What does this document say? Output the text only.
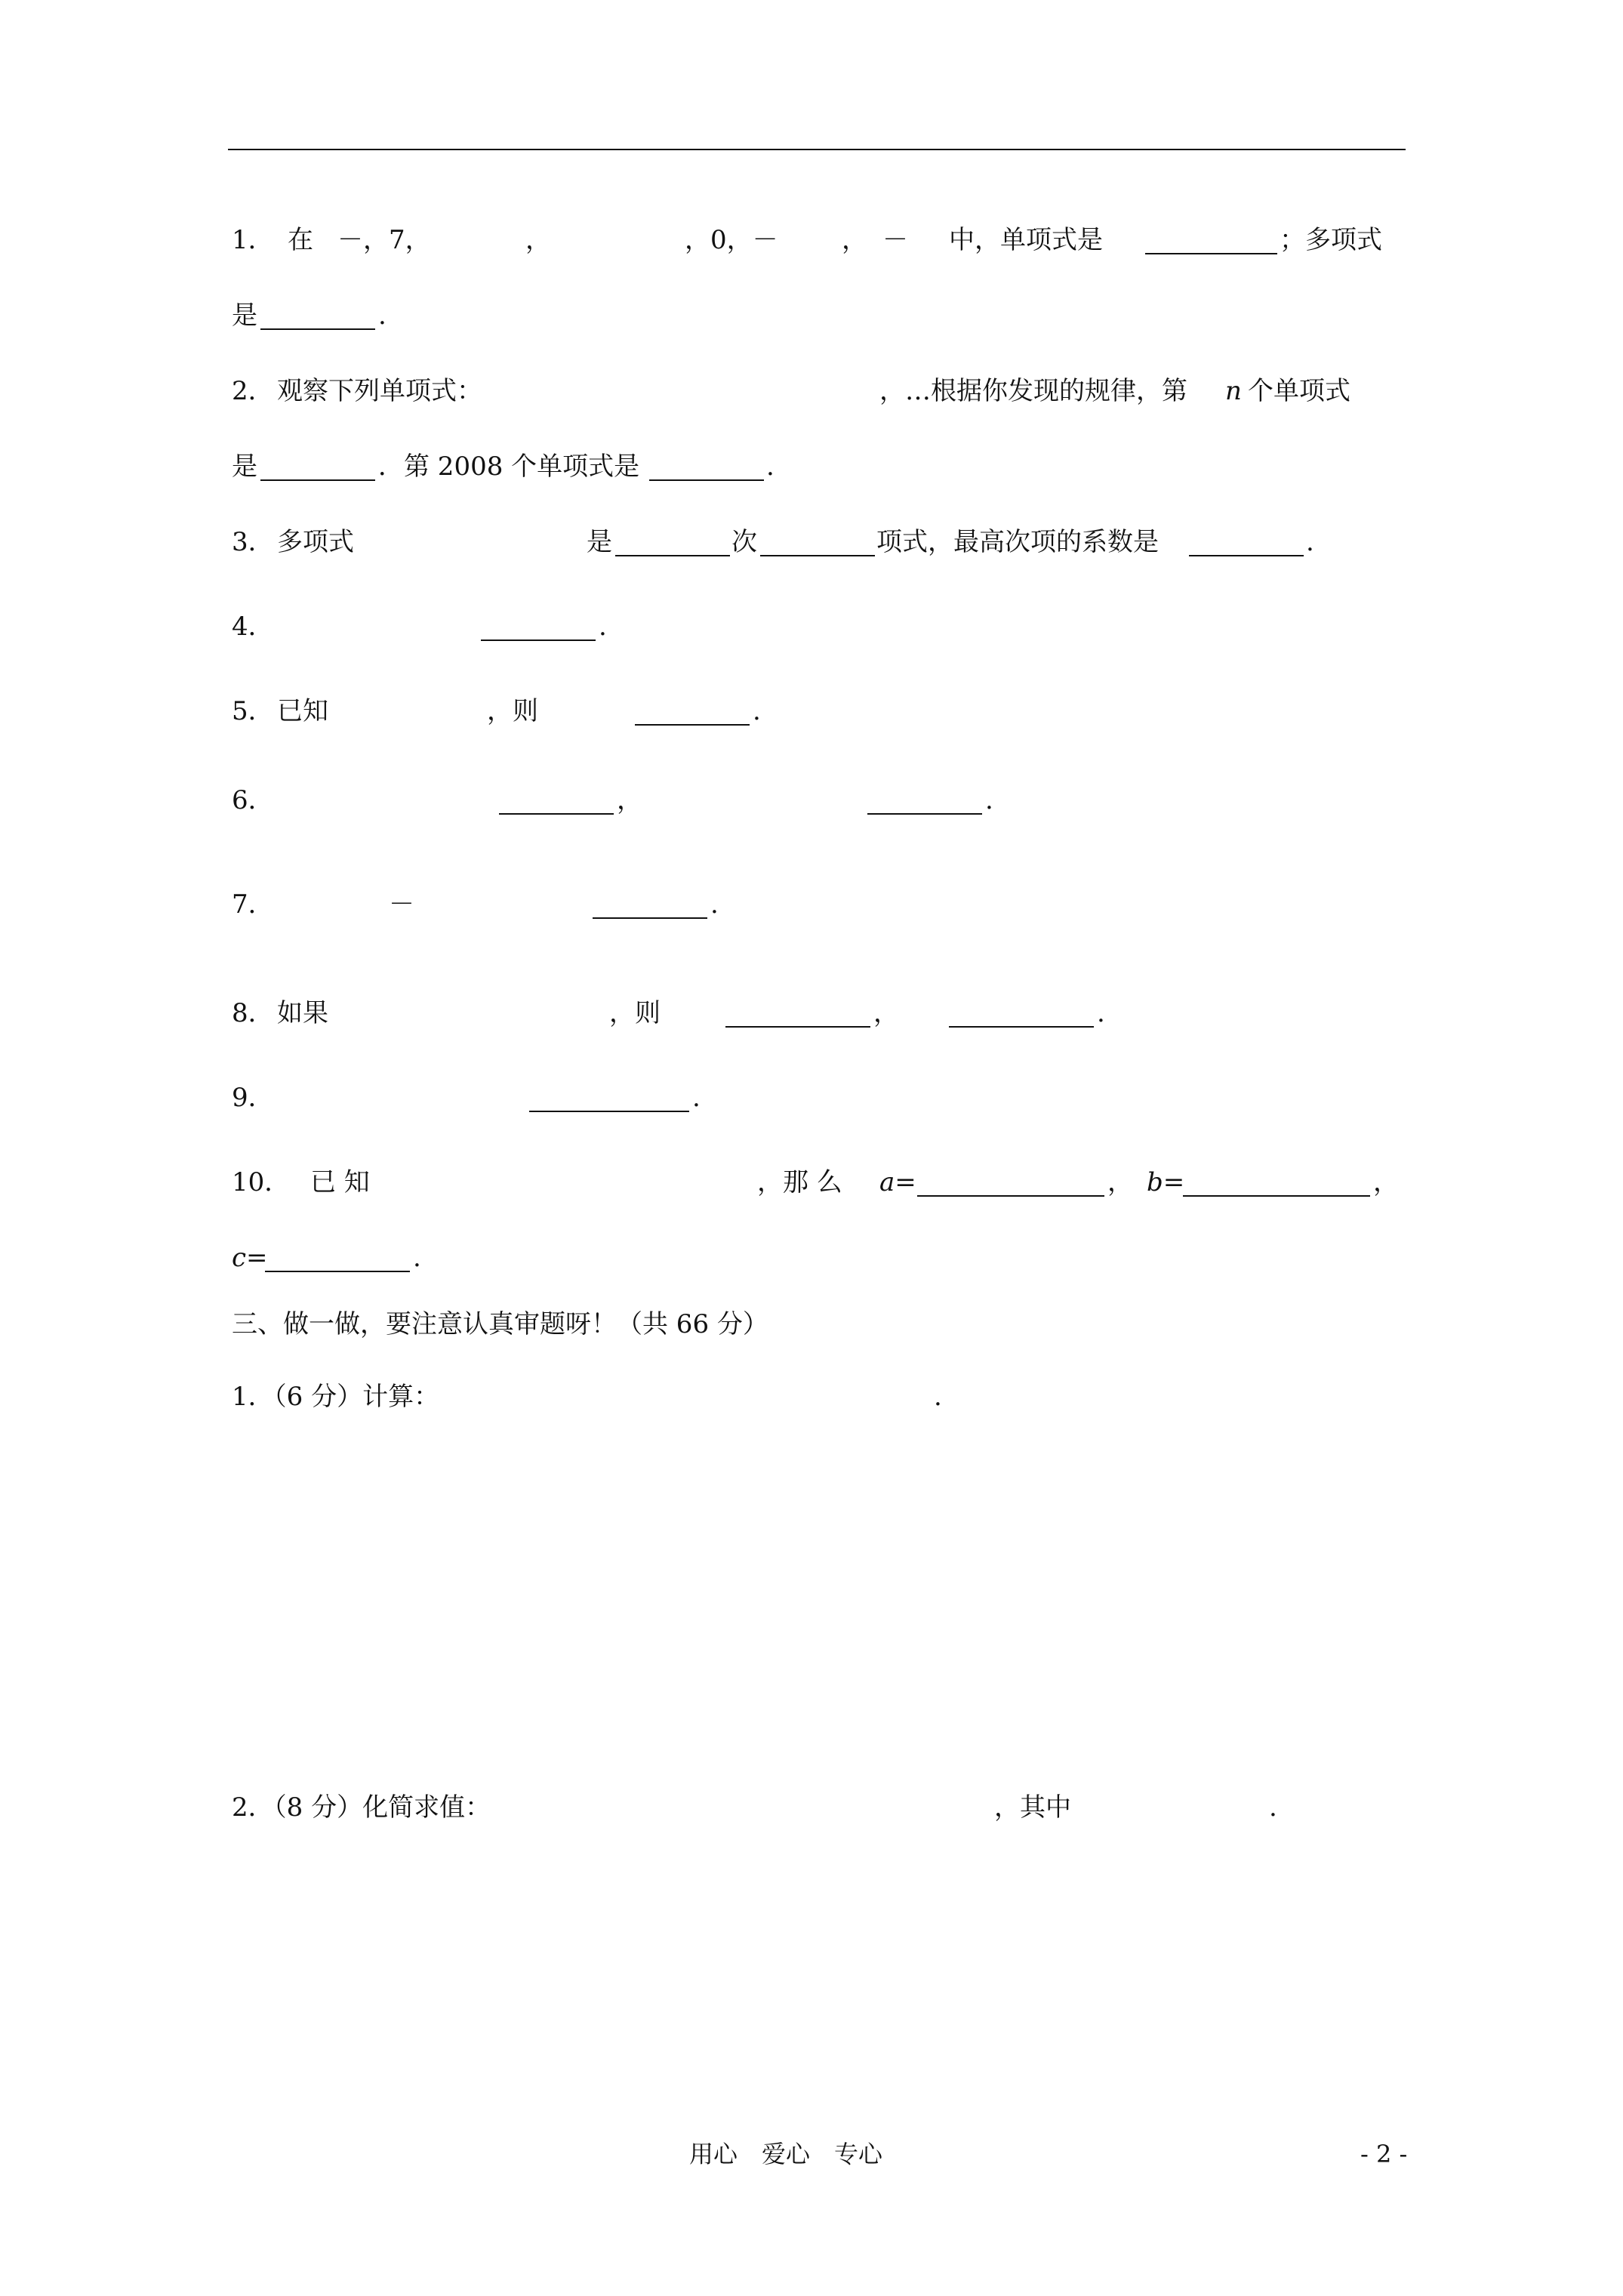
1． 在 －，7，	，	，0，－ ， － 中，单项式是	；多项式
是	.
2． 观察下列单项式：	，…根据你发现的规律，第 n 个单项式
是	．第 2008 个单项式是	.
3． 多项式	是	次	项式，最高次项的系数是	.
4．	.
5． 已知	，则	.
6．	，	.
7．	－	.
8． 如果	，则	，	.
9．	.
10． 已 知	，那 么 a=	， b=	，
c=	.
三、做一做，要注意认真审题呀！（共 66 分）
1．（6 分）计算：	.
2．（8 分）化简求值：	，其中	.
用心　爱心　专心	- 2 -
